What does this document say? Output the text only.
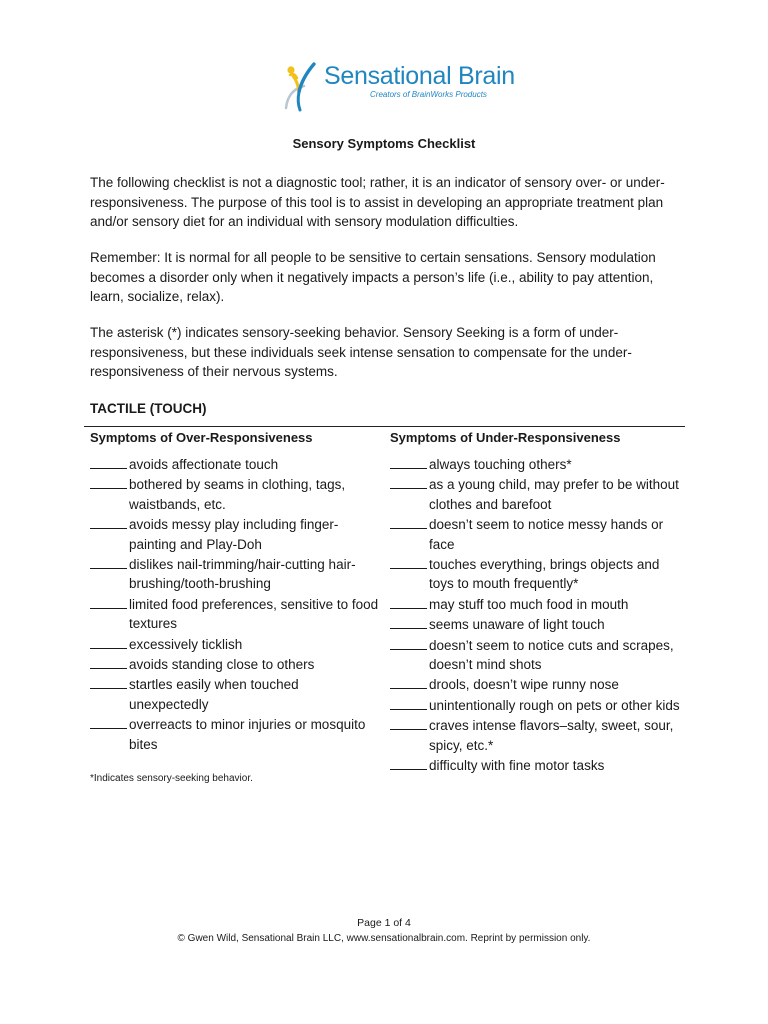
Sensational Brain
Creators of BrainWorks Products
Sensory Symptoms Checklist

The following checklist is not a diagnostic tool; rather, it is an indicator of sensory over- or under-responsiveness. The purpose of this tool is to assist in developing an appropriate treatment plan and/or sensory diet for an individual with sensory modulation difficulties.

Remember: It is normal for all people to be sensitive to certain sensations. Sensory modulation becomes a disorder only when it negatively impacts a person’s life (i.e., ability to pay attention, learn, socialize, relax).

The asterisk (*) indicates sensory-seeking behavior. Sensory Seeking is a form of under-responsiveness, but these individuals seek intense sensation to compensate for the under-responsiveness of their nervous systems.

TACTILE (TOUCH)
Symptoms of Over-Responsiveness
avoids affectionate touch
bothered by seams in clothing, tags, waistbands, etc.
avoids messy play including finger-painting and Play-Doh
dislikes nail-trimming/hair-cutting hair-brushing/tooth-brushing
limited food preferences, sensitive to food textures
excessively ticklish
avoids standing close to others
startles easily when touched unexpectedly
overreacts to minor injuries or mosquito bites
Symptoms of Under-Responsiveness
always touching others*
as a young child, may prefer to be without clothes and barefoot
doesn’t seem to notice messy hands or face
touches everything, brings objects and toys to mouth frequently*
may stuff too much food in mouth
seems unaware of light touch
doesn’t seem to notice cuts and scrapes, doesn’t mind shots
drools, doesn’t wipe runny nose
unintentionally rough on pets or other kids
craves intense flavors–salty, sweet, sour, spicy, etc.*
difficulty with fine motor tasks
*Indicates sensory-seeking behavior.
Page 1 of 4
© Gwen Wild, Sensational Brain LLC, www.sensationalbrain.com. Reprint by permission only.
